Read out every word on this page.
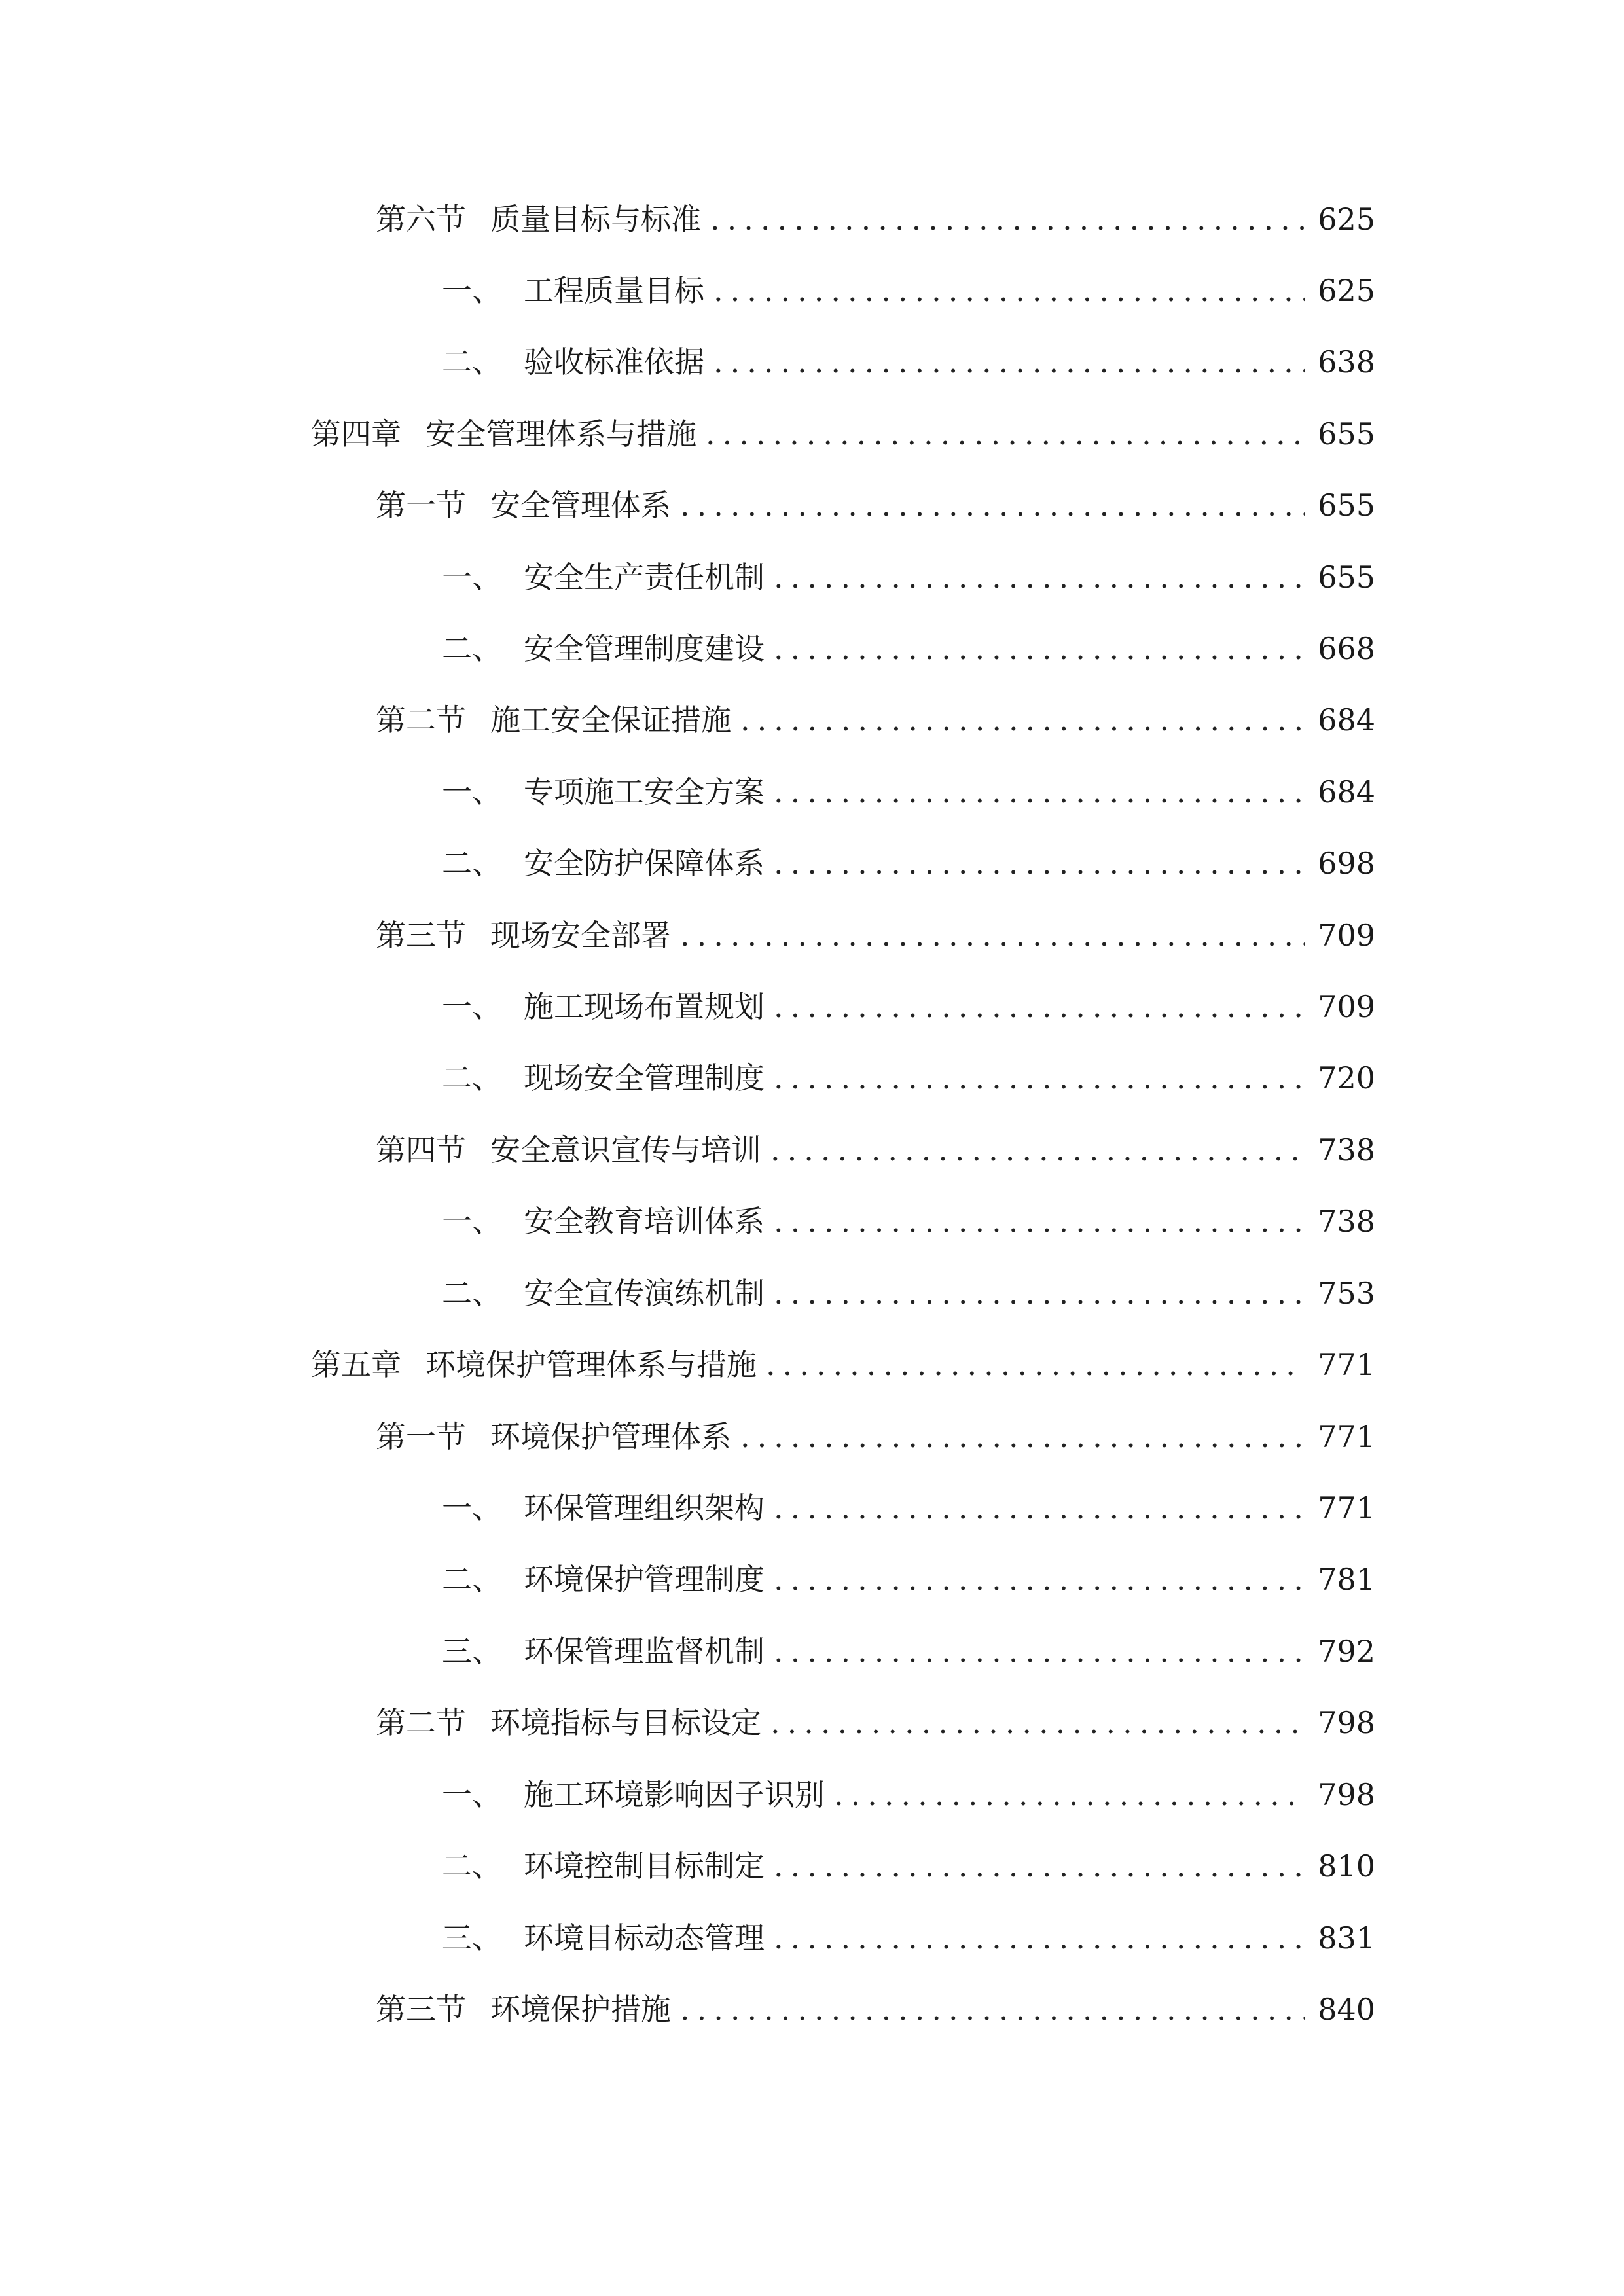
第六节 质量目标与标准 .....	625
一、 工程质量目标 .....	625
二、 验收标准依据 .....	638
第四章 安全管理体系与措施 .....	655
第一节 安全管理体系 .....	655
一、 安全生产责任机制 .....	655
二、 安全管理制度建设 .....	668
第二节 施工安全保证措施 .....	684
一、 专项施工安全方案 .....	684
二、 安全防护保障体系 .....	698
第三节 现场安全部署 .....	709
一、 施工现场布置规划 .....	709
二、 现场安全管理制度 .....	720
第四节 安全意识宣传与培训 .....	738
一、 安全教育培训体系 .....	738
二、 安全宣传演练机制 .....	753
第五章 环境保护管理体系与措施 .....	771
第一节 环境保护管理体系 .....	771
一、 环保管理组织架构 .....	771
二、 环境保护管理制度 .....	781
三、 环保管理监督机制 .....	792
第二节 环境指标与目标设定 .....	798
一、 施工环境影响因子识别 .....	798
二、 环境控制目标制定 .....	810
三、 环境目标动态管理 .....	831
第三节 环境保护措施 .....	840
